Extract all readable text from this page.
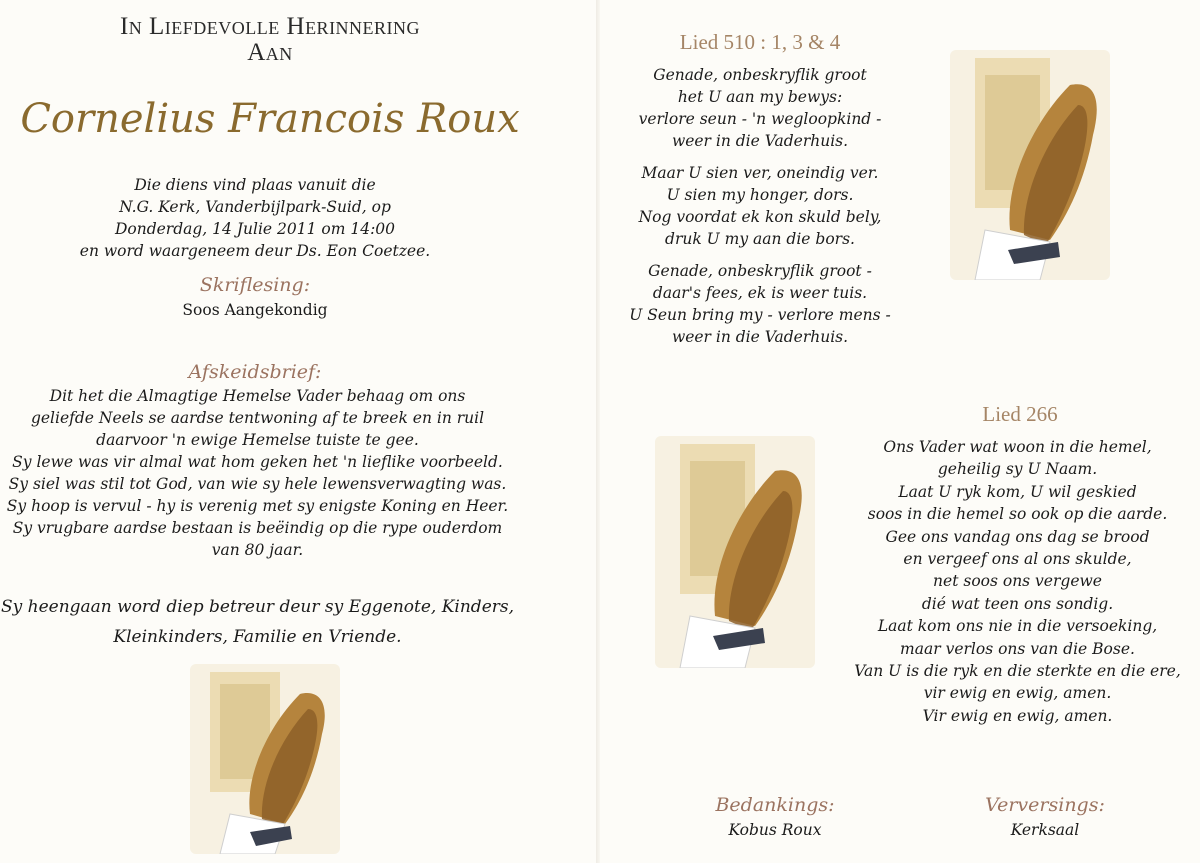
In Liefdevolle Herinnering
Aan
Cornelius Francois Roux
Die diens vind plaas vanuit die
N.G. Kerk, Vanderbijlpark-Suid, op
Donderdag, 14 Julie 2011 om 14:00
en word waargeneem deur Ds. Eon Coetzee.
Skriflesing:
Soos Aangekondig
Afskeidsbrief:
Dit het die Almagtige Hemelse Vader behaag om ons
geliefde Neels se aardse tentwoning af te breek en in ruil
daarvoor 'n ewige Hemelse tuiste te gee.
Sy lewe was vir almal wat hom geken het 'n lieflike voorbeeld.
Sy siel was stil tot God, van wie sy hele lewensverwagting was.
Sy hoop is vervul - hy is verenig met sy enigste Koning en Heer.
Sy vrugbare aardse bestaan is beëindig op die rype ouderdom
van 80 jaar.
Sy heengaan word diep betreur deur sy Eggenote, Kinders,
Kleinkinders, Familie en Vriende.
Lied 510 : 1, 3 & 4
Genade, onbeskryflik groot
het U aan my bewys:
verlore seun - 'n wegloopkind -
weer in die Vaderhuis.
Maar U sien ver, oneindig ver.
U sien my honger, dors.
Nog voordat ek kon skuld bely,
druk U my aan die bors.
Genade, onbeskryflik groot -
daar's fees, ek is weer tuis.
U Seun bring my - verlore mens -
weer in die Vaderhuis.
Lied 266
Ons Vader wat woon in die hemel,
geheilig sy U Naam.
Laat U ryk kom, U wil geskied
soos in die hemel so ook op die aarde.
Gee ons vandag ons dag se brood
en vergeef ons al ons skulde,
net soos ons vergewe
dié wat teen ons sondig.
Laat kom ons nie in die versoeking,
maar verlos ons van die Bose.
Van U is die ryk en die sterkte en die ere,
vir ewig en ewig, amen.
Vir ewig en ewig, amen.
Bedankings:
Kobus Roux
Verversings:
Kerksaal
